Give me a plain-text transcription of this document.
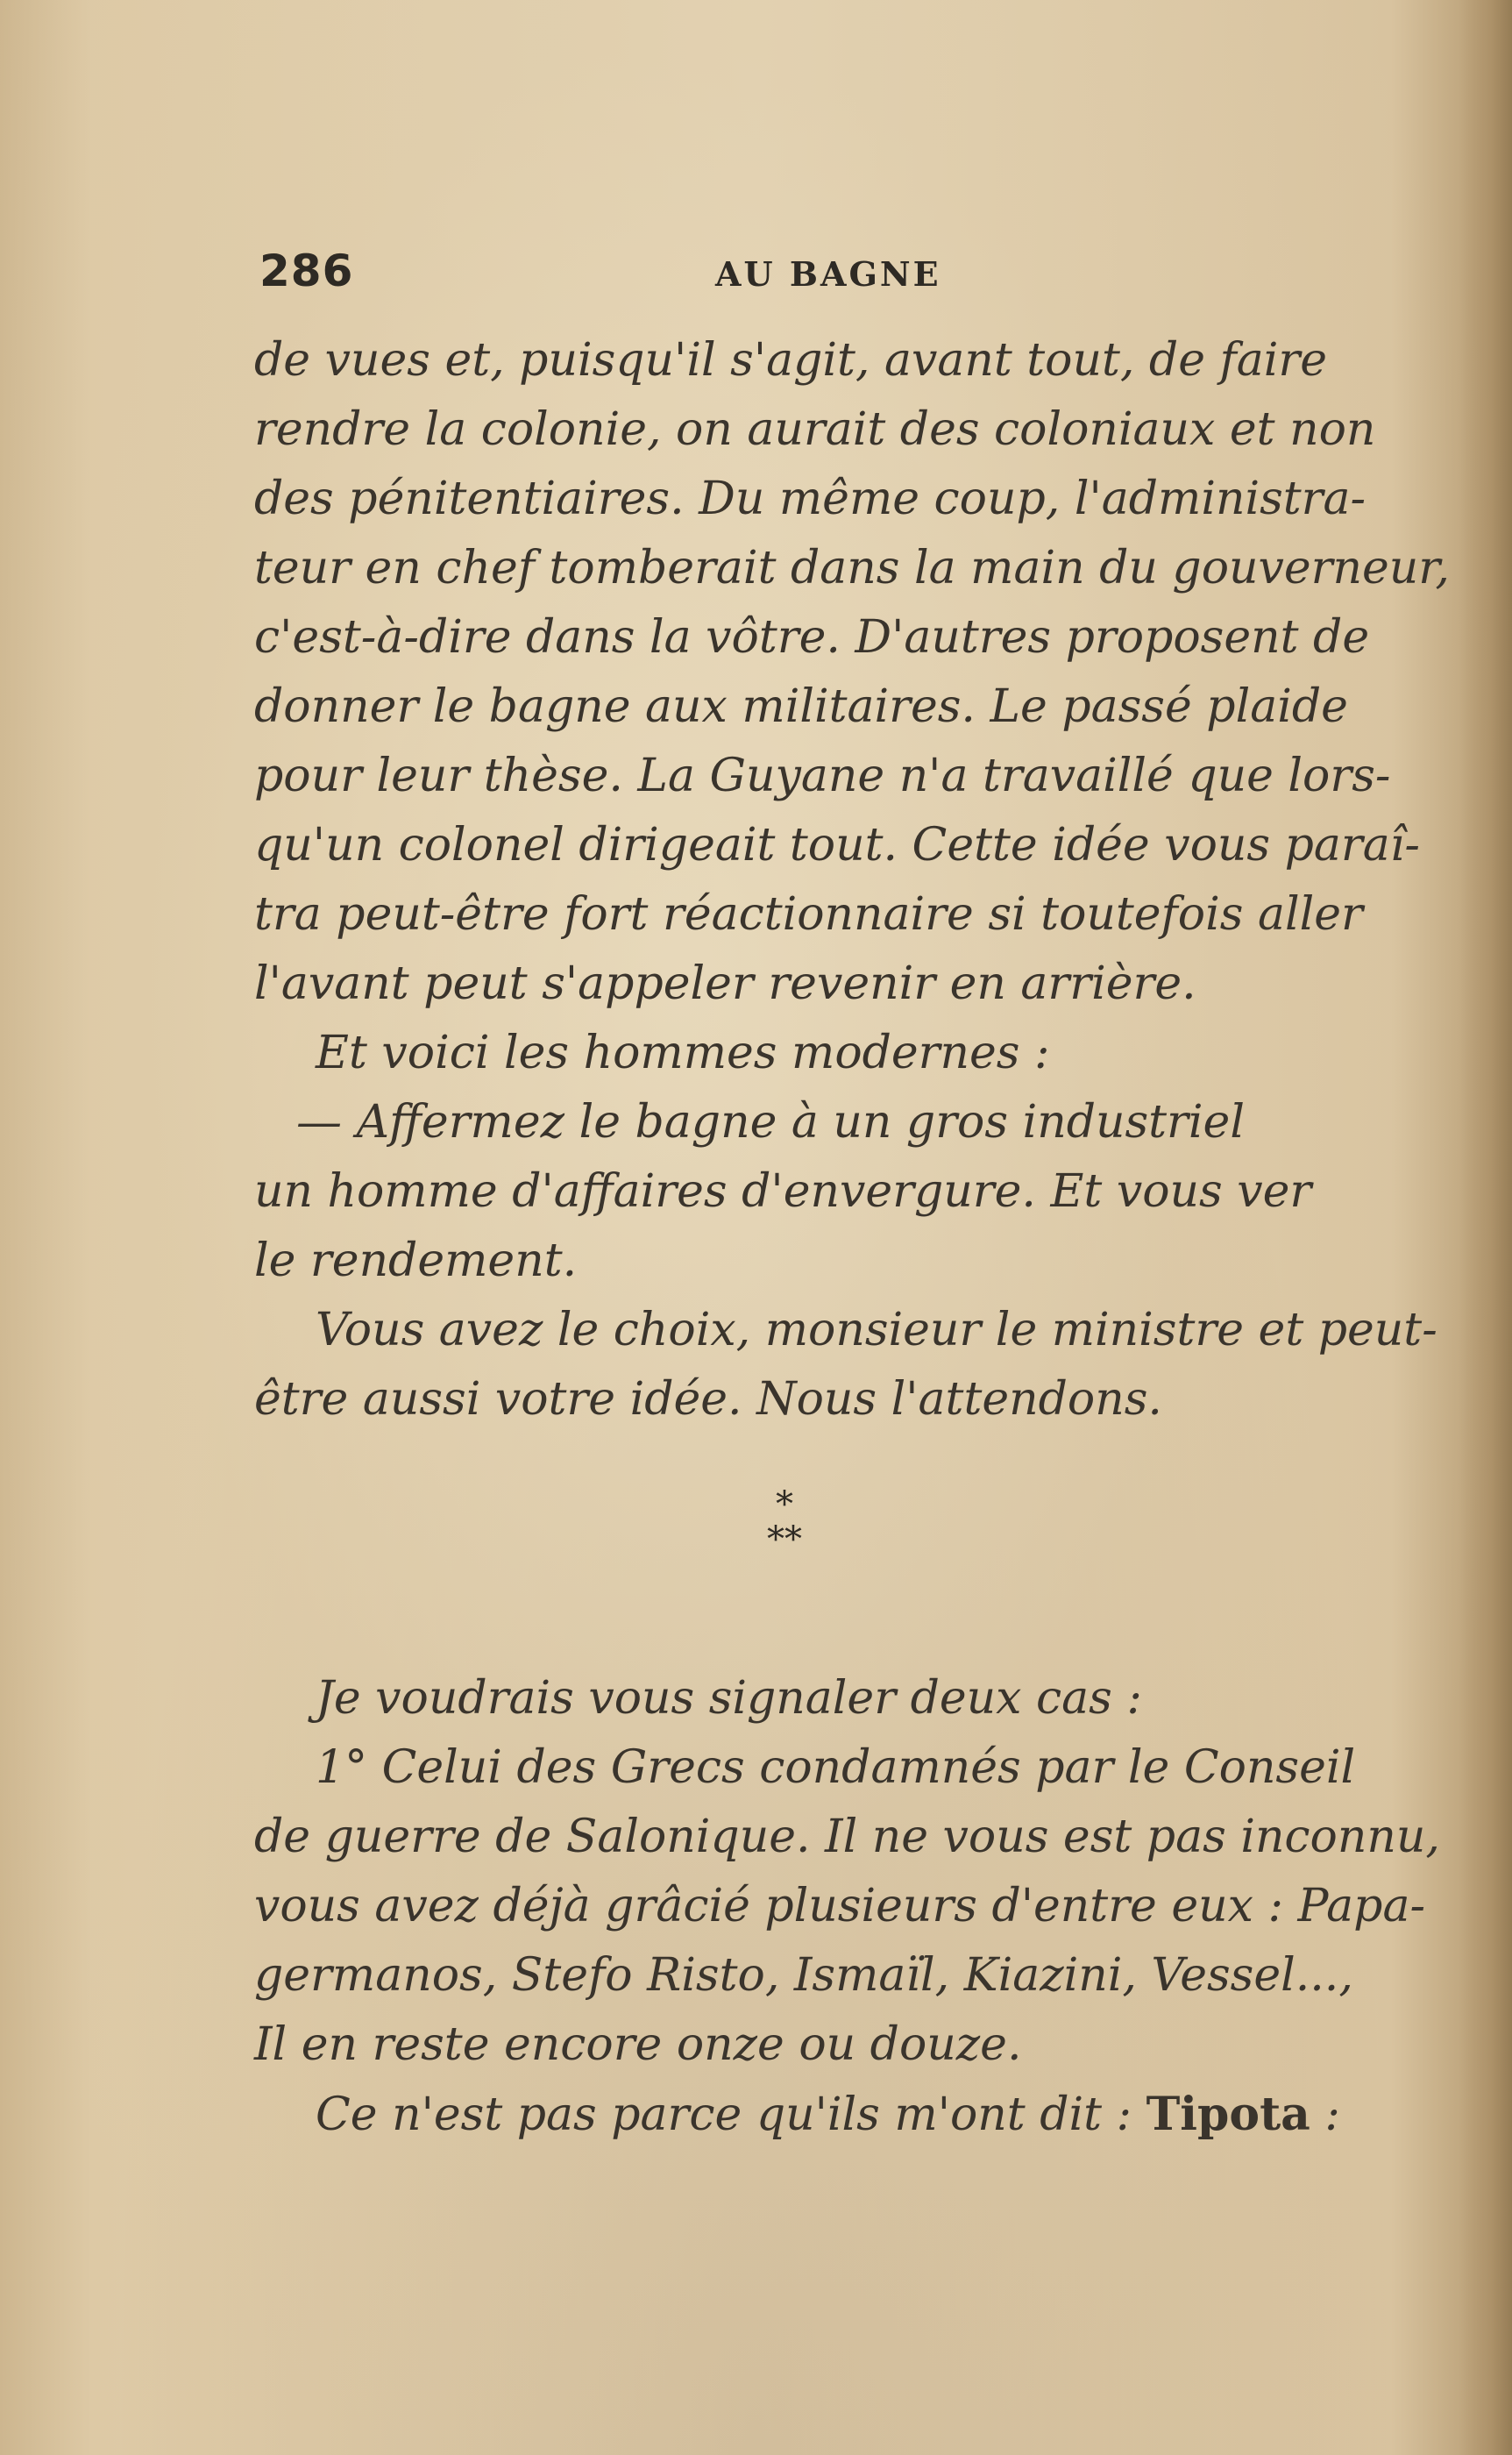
286	AU BAGNE
de vues et, puisqu'il s'agit, avant tout, de faire
rendre la colonie, on aurait des coloniaux et non
des pénitentiaires. Du même coup, l'administra-
teur en chef tomberait dans la main du gouverneur,
c'est-à-dire dans la vôtre. D'autres proposent de
donner le bagne aux militaires. Le passé plaide
pour leur thèse. La Guyane n'a travaillé que lors-
qu'un colonel dirigeait tout. Cette idée vous paraî-
tra peut-être fort réactionnaire si toutefois aller
l'avant peut s'appeler revenir en arrière.
Et voici les hommes modernes :
— Affermez le bagne à un gros industriel
un homme d'affaires d'envergure. Et vous ver
le rendement.
Vous avez le choix, monsieur le ministre et peut-
être aussi votre idée. Nous l'attendons.
*
**
Je voudrais vous signaler deux cas :
1° Celui des Grecs condamnés par le Conseil
de guerre de Salonique. Il ne vous est pas inconnu,
vous avez déjà grâcié plusieurs d'entre eux : Papa-
germanos, Stefo Risto, Ismaïl, Kiazini, Vessel...,
Il en reste encore onze ou douze.
Ce n'est pas parce qu'ils m'ont dit : Tipota :
